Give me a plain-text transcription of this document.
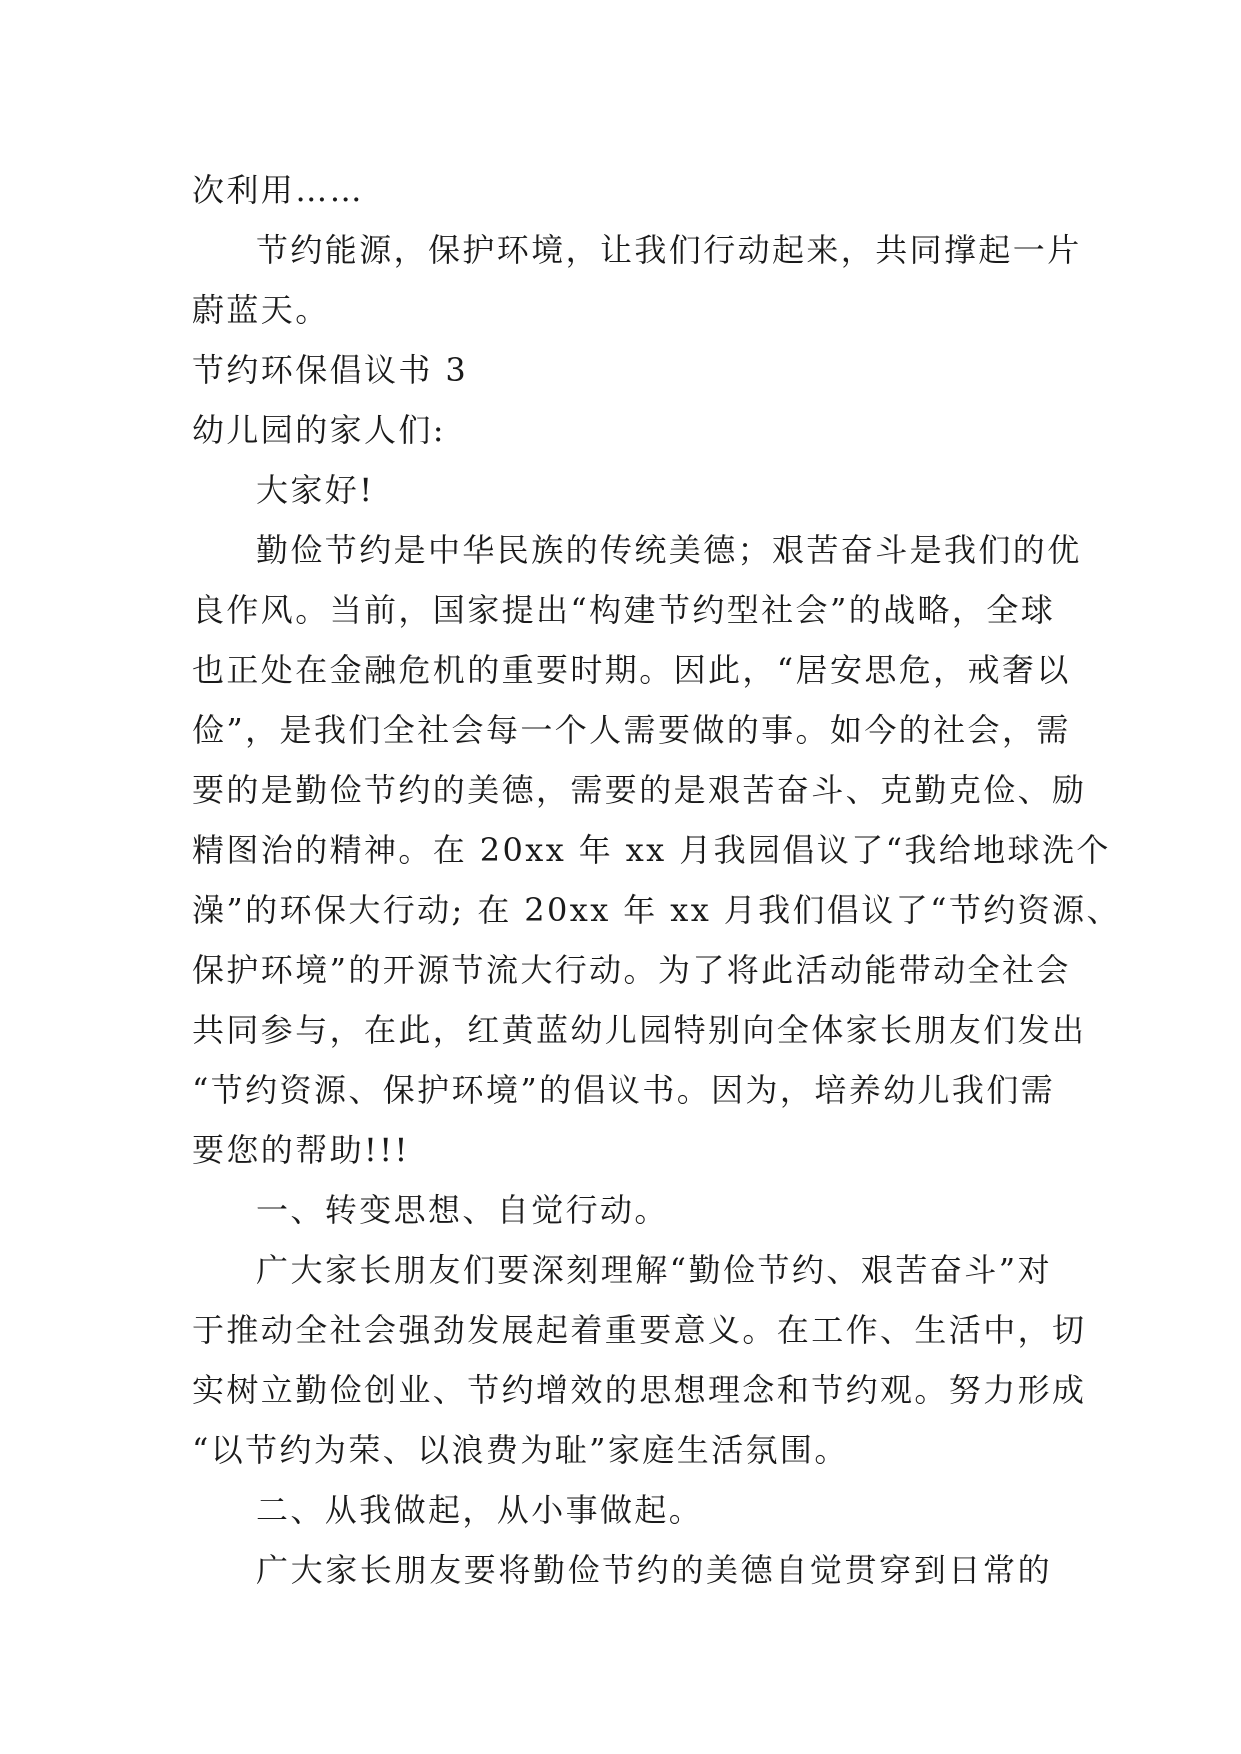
次利用……
节约能源，保护环境，让我们行动起来，共同撑起一片
蔚蓝天。
节约环保倡议书 3
幼儿园的家人们:
大家好!
勤俭节约是中华民族的传统美德；艰苦奋斗是我们的优
良作风。当前，国家提出“构建节约型社会”的战略，全球
也正处在金融危机的重要时期。因此，“居安思危，戒奢以
俭”，是我们全社会每一个人需要做的事。如今的社会，需
要的是勤俭节约的美德，需要的是艰苦奋斗、克勤克俭、励
精图治的精神。在 20xx 年 xx 月我园倡议了“我给地球洗个
澡”的环保大行动; 在 20xx 年 xx 月我们倡议了“节约资源、
保护环境”的开源节流大行动。为了将此活动能带动全社会
共同参与，在此，红黄蓝幼儿园特别向全体家长朋友们发出
“节约资源、保护环境”的倡议书。因为，培养幼儿我们需
要您的帮助!!!
一、转变思想、自觉行动。
广大家长朋友们要深刻理解“勤俭节约、艰苦奋斗”对
于推动全社会强劲发展起着重要意义。在工作、生活中，切
实树立勤俭创业、节约增效的思想理念和节约观。努力形成
“以节约为荣、以浪费为耻”家庭生活氛围。
二、从我做起，从小事做起。
广大家长朋友要将勤俭节约的美德自觉贯穿到日常的
